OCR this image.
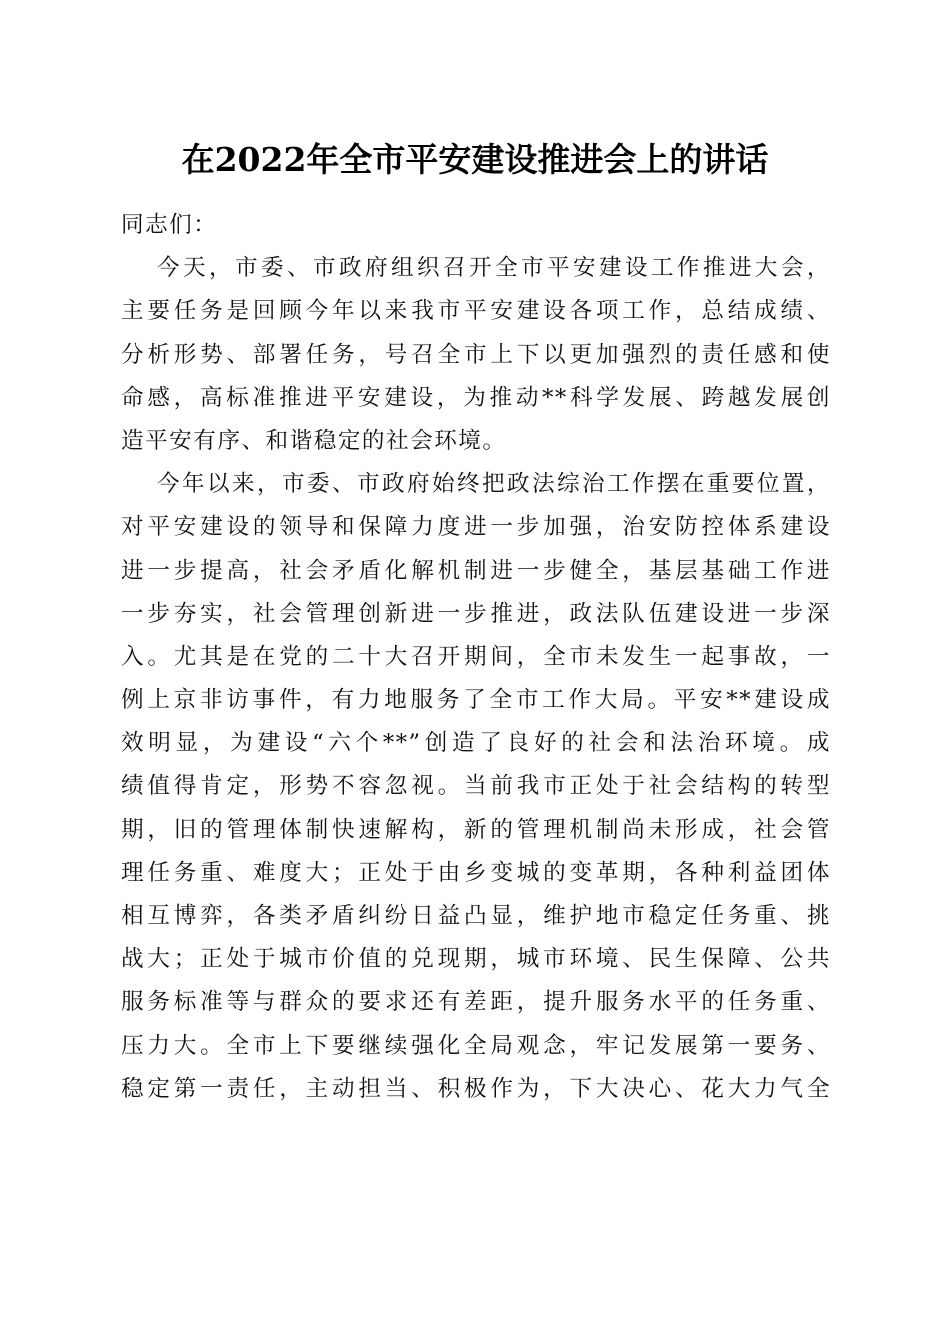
在2022年全市平安建设推进会上的讲话

同志们：

今天，市委、市政府组织召开全市平安建设工作推进大会，
主要任务是回顾今年以来我市平安建设各项工作，总结成绩、
分析形势、部署任务，号召全市上下以更加强烈的责任感和使
命感，高标准推进平安建设，为推动**科学发展、跨越发展创
造平安有序、和谐稳定的社会环境。

今年以来，市委、市政府始终把政法综治工作摆在重要位置，
对平安建设的领导和保障力度进一步加强，治安防控体系建设
进一步提高，社会矛盾化解机制进一步健全，基层基础工作进
一步夯实，社会管理创新进一步推进，政法队伍建设进一步深
入。尤其是在党的二十大召开期间，全市未发生一起事故，一
例上京非访事件，有力地服务了全市工作大局。平安**建设成
效明显，为建设“六个**”创造了良好的社会和法治环境。成
绩值得肯定，形势不容忽视。当前我市正处于社会结构的转型
期，旧的管理体制快速解构，新的管理机制尚未形成，社会管
理任务重、难度大；正处于由乡变城的变革期，各种利益团体
相互博弈，各类矛盾纠纷日益凸显，维护地市稳定任务重、挑
战大；正处于城市价值的兑现期，城市环境、民生保障、公共
服务标准等与群众的要求还有差距，提升服务水平的任务重、
压力大。全市上下要继续强化全局观念，牢记发展第一要务、
稳定第一责任，主动担当、积极作为，下大决心、花大力气全
